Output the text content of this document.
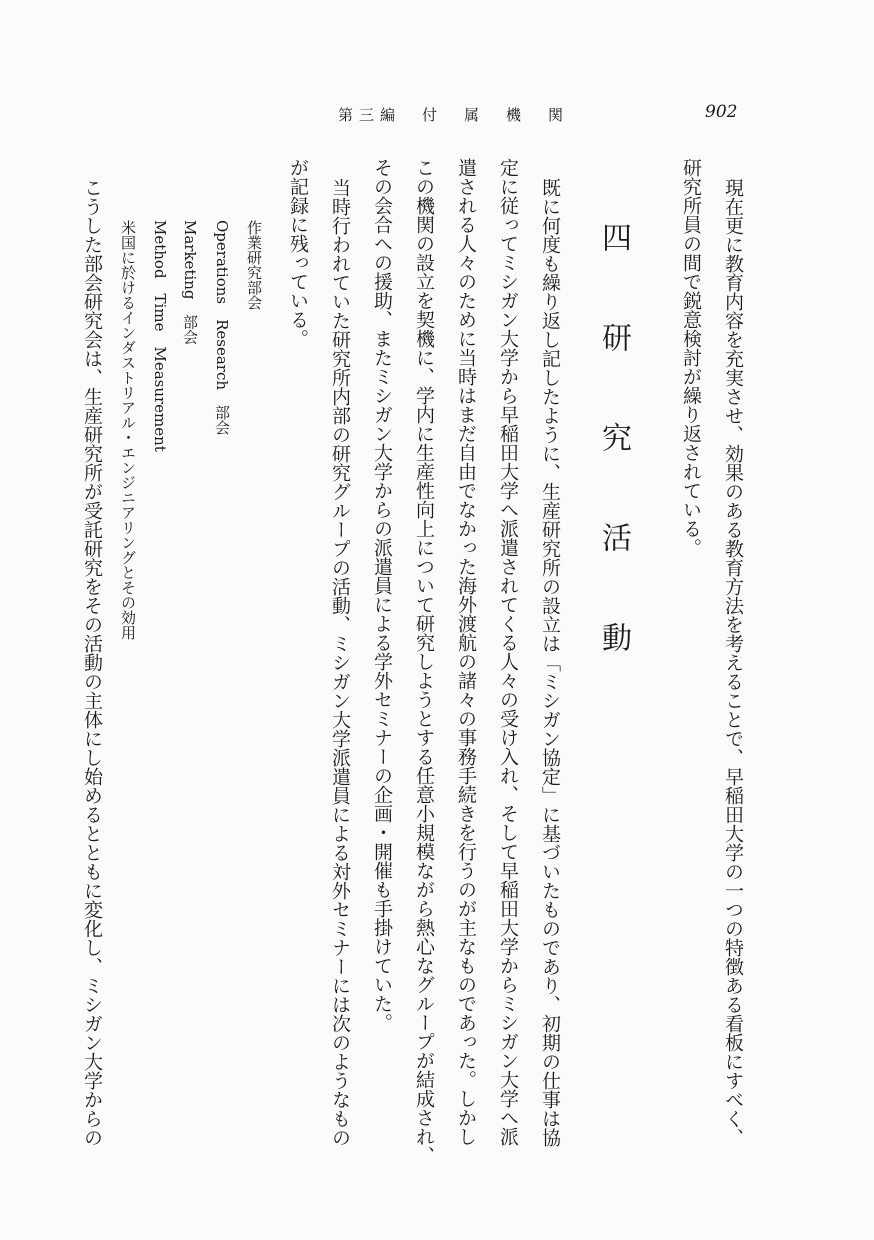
第三編　付　属　機　関	902
現在更に教育内容を充実させ、効果のある教育方法を考えることで、早稲田大学の一つの特徴ある看板にすべく、
研究所員の間で鋭意検討が繰り返されている。
四　研　究　活　動
既に何度も繰り返し記したように、生産研究所の設立は「ミシガン協定」に基づいたものであり、初期の仕事は協
定に従ってミシガン大学から早稲田大学へ派遣されてくる人々の受け入れ、そして早稲田大学からミシガン大学へ派
遣される人々のために当時はまだ自由でなかった海外渡航の諸々の事務手続きを行うのが主なものであった。しかし
この機関の設立を契機に、学内に生産性向上について研究しようとする任意小規模ながら熱心なグループが結成され、
その会合への援助、またミシガン大学からの派遣員による学外セミナーの企画・開催も手掛けていた。
当時行われていた研究所内部の研究グループの活動、ミシガン大学派遣員による対外セミナーには次のようなもの
が記録に残っている。
作業研究部会
Operations　Research　部会
Marketing　部会
Method　Time　Measurement
米国に於けるインダストリアル・エンジニアリングとその効用
こうした部会研究会は、生産研究所が受託研究をその活動の主体にし始めるとともに変化し、ミシガン大学からの
